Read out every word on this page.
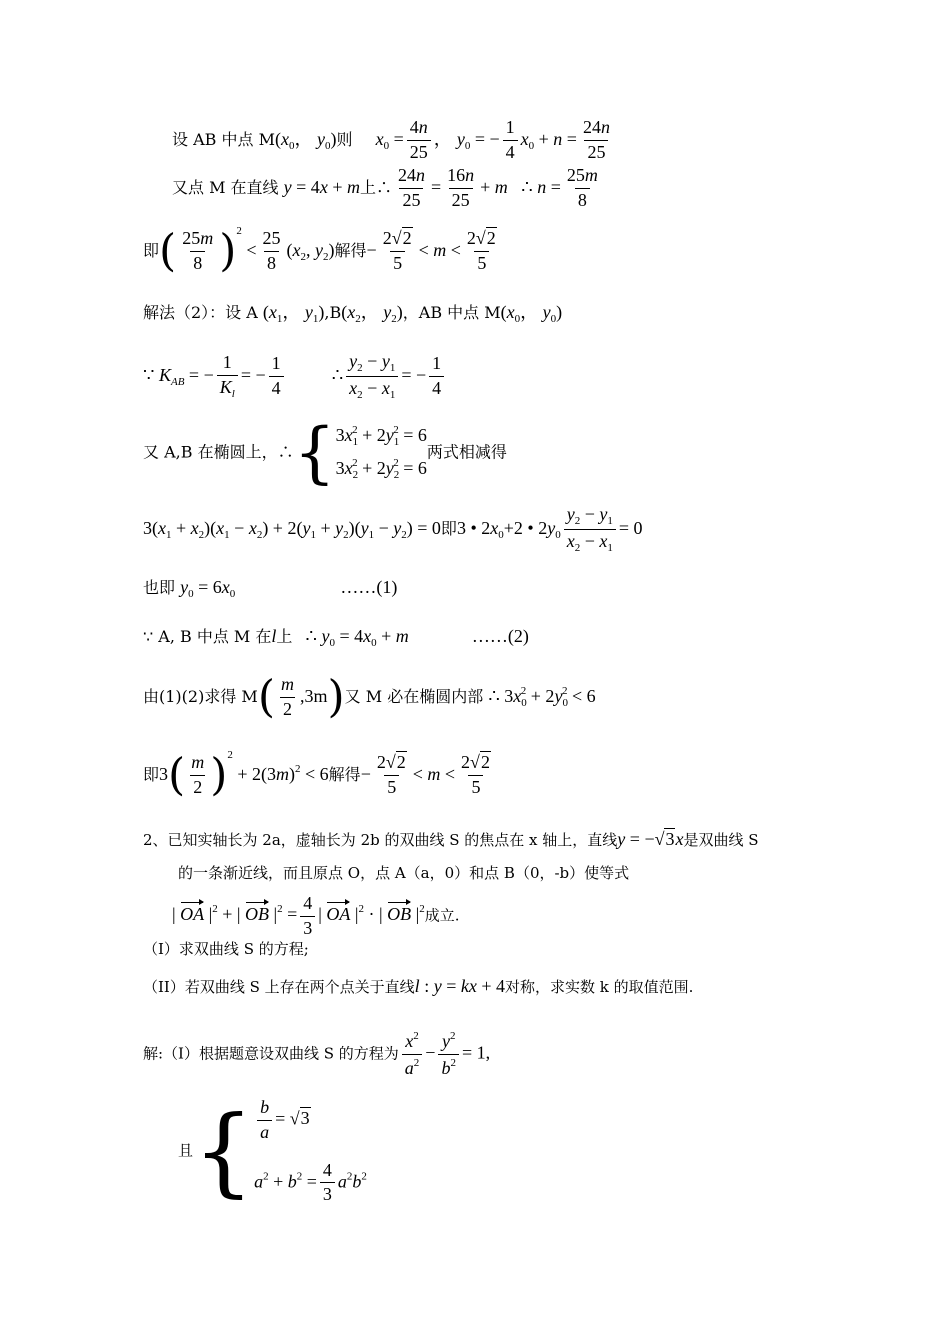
设 AB 中点 $M(x_0$， $y_0$)则 $x_0 = \frac{4n}{25}$ ， $y_0$ = − $\frac{1}{4} x_0 + n = \frac{24n}{25}$
又点 M 在直线 y = 4x + m上∴ $\frac{24n}{25} = \frac{16n}{25} + m$   ∴ $n = \frac{25m}{8}$
即( $\frac{25m}{8} )^2 < \frac{25}{8} (x_2$, $y_2$)解得− $\frac{2√2}{5} < m < \frac{2√2}{5}$
解法（2）：设 A ($x_1$， $y_1),B(x_2$， $y_2$)，AB 中点 $M(x_0$， $y_0$)
∵ $K_{AB}$ = − $\frac{1}{K_l}$ = − $\frac{1}{4}$	∴ $\frac{y_2 - y_1}{x_2 - x_1}$ = − $\frac{1}{4}$
又 A,B 在椭圆上，∴{ $3x_1^2 + 2y_1^2 = 6$
$3x_2^2 + 2y_2^2 = 6$
两式相减得
$3(x_1 + x_2)(x_1 - x_2) + 2(y_1 + y_2)(y_1 - y_2) = 0$即3 • $2x_0+2$ • $2y_0 \frac{y_2 - y_1}{x_2 - x_1} = 0$
也即 $y_0 = 6x_0$	……(1)
∵ A, B 中点 M 在l上 ∴ $y_0 = 4x_0 + m$	……(2)
由(1)(2)求得 $M( \frac{m}{2} ,3m)$又 M 必在椭圆内部 ∴ $3x_0^2 + 2y_0^2 < 6$
即$3( \frac{m}{2} )^2 + 2(3m)^2 < 6$解得− $\frac{2√2}{5} < m < \frac{2√2}{5}$
2、已知实轴长为 2a，虚轴长为 2b 的双曲线 S 的焦点在 x 轴上，直线y = −√3x是双曲线 S
的一条渐近线，而且原点 O，点 A（a，0）和点 B（0，-b）使等式
| OA $|^2$ + | OB $|^2 = \frac{4}{3}$ | OA $|^2$ · | OB $|^2$成立.
（I）求双曲线 S 的方程;
（II）若双曲线 S 上存在两个点关于直线l : y = kx + 4对称，求实数 k 的取值范围.
解:（I）根据题意设双曲线 S 的方程为 $\frac{x^2}{a^2} - \frac{y^2}{b^2} = 1$,
且{ $\frac{b}{a} = √3$
$a^2 + b^2 = \frac{4}{3} a^2b^2$
